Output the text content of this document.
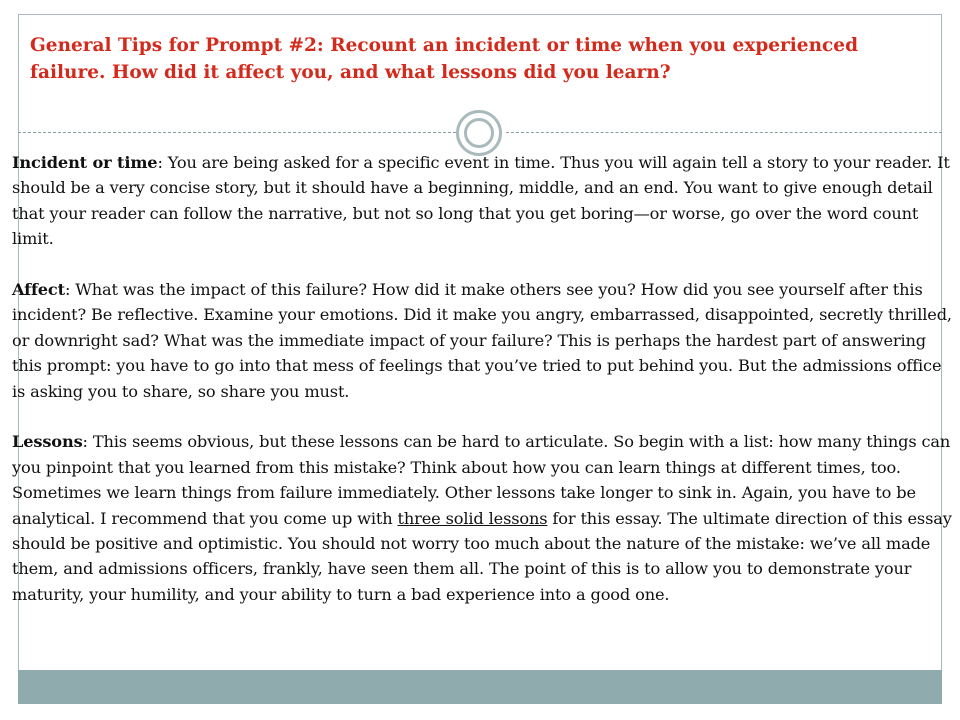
General Tips for Prompt #2: Recount an incident or time when you experienced failure. How did it affect you, and what lessons did you learn?

Incident or time: You are being asked for a specific event in time. Thus you will again tell a story to your reader. It should be a very concise story, but it should have a beginning, middle, and an end. You want to give enough detail that your reader can follow the narrative, but not so long that you get boring—or worse, go over the word count limit.

Affect: What was the impact of this failure? How did it make others see you? How did you see yourself after this incident? Be reflective. Examine your emotions. Did it make you angry, embarrassed, disappointed, secretly thrilled, or downright sad? What was the immediate impact of your failure? This is perhaps the hardest part of answering this prompt: you have to go into that mess of feelings that you’ve tried to put behind you. But the admissions office is asking you to share, so share you must.

Lessons: This seems obvious, but these lessons can be hard to articulate. So begin with a list: how many things can you pinpoint that you learned from this mistake? Think about how you can learn things at different times, too. Sometimes we learn things from failure immediately. Other lessons take longer to sink in. Again, you have to be analytical. I recommend that you come up with three solid lessons for this essay. The ultimate direction of this essay should be positive and optimistic. You should not worry too much about the nature of the mistake: we’ve all made them, and admissions officers, frankly, have seen them all. The point of this is to allow you to demonstrate your maturity, your humility, and your ability to turn a bad experience into a good one.
